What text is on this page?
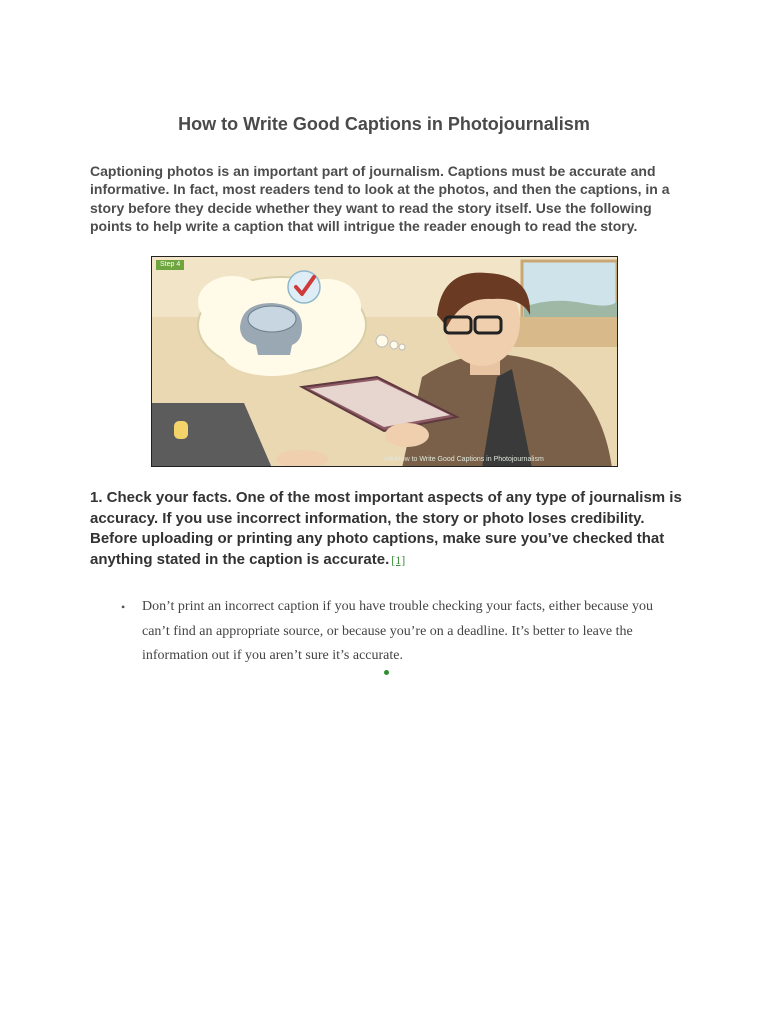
How to Write Good Captions in Photojournalism

Captioning photos is an important part of journalism. Captions must be accurate and informative. In fact, most readers tend to look at the photos, and then the captions, in a story before they decide whether they want to read the story itself. Use the following points to help write a caption that will intrigue the reader enough to read the story.

Step 4
wikiHow to Write Good Captions in Photojournalism

1. Check your facts. One of the most important aspects of any type of journalism is accuracy. If you use incorrect information, the story or photo loses credibility. Before uploading or printing any photo captions, make sure you’ve checked that anything stated in the caption is accurate. [1]

• Don’t print an incorrect caption if you have trouble checking your facts, either because you can’t find an appropriate source, or because you’re on a deadline. It’s better to leave the information out if you aren’t sure it’s accurate.
